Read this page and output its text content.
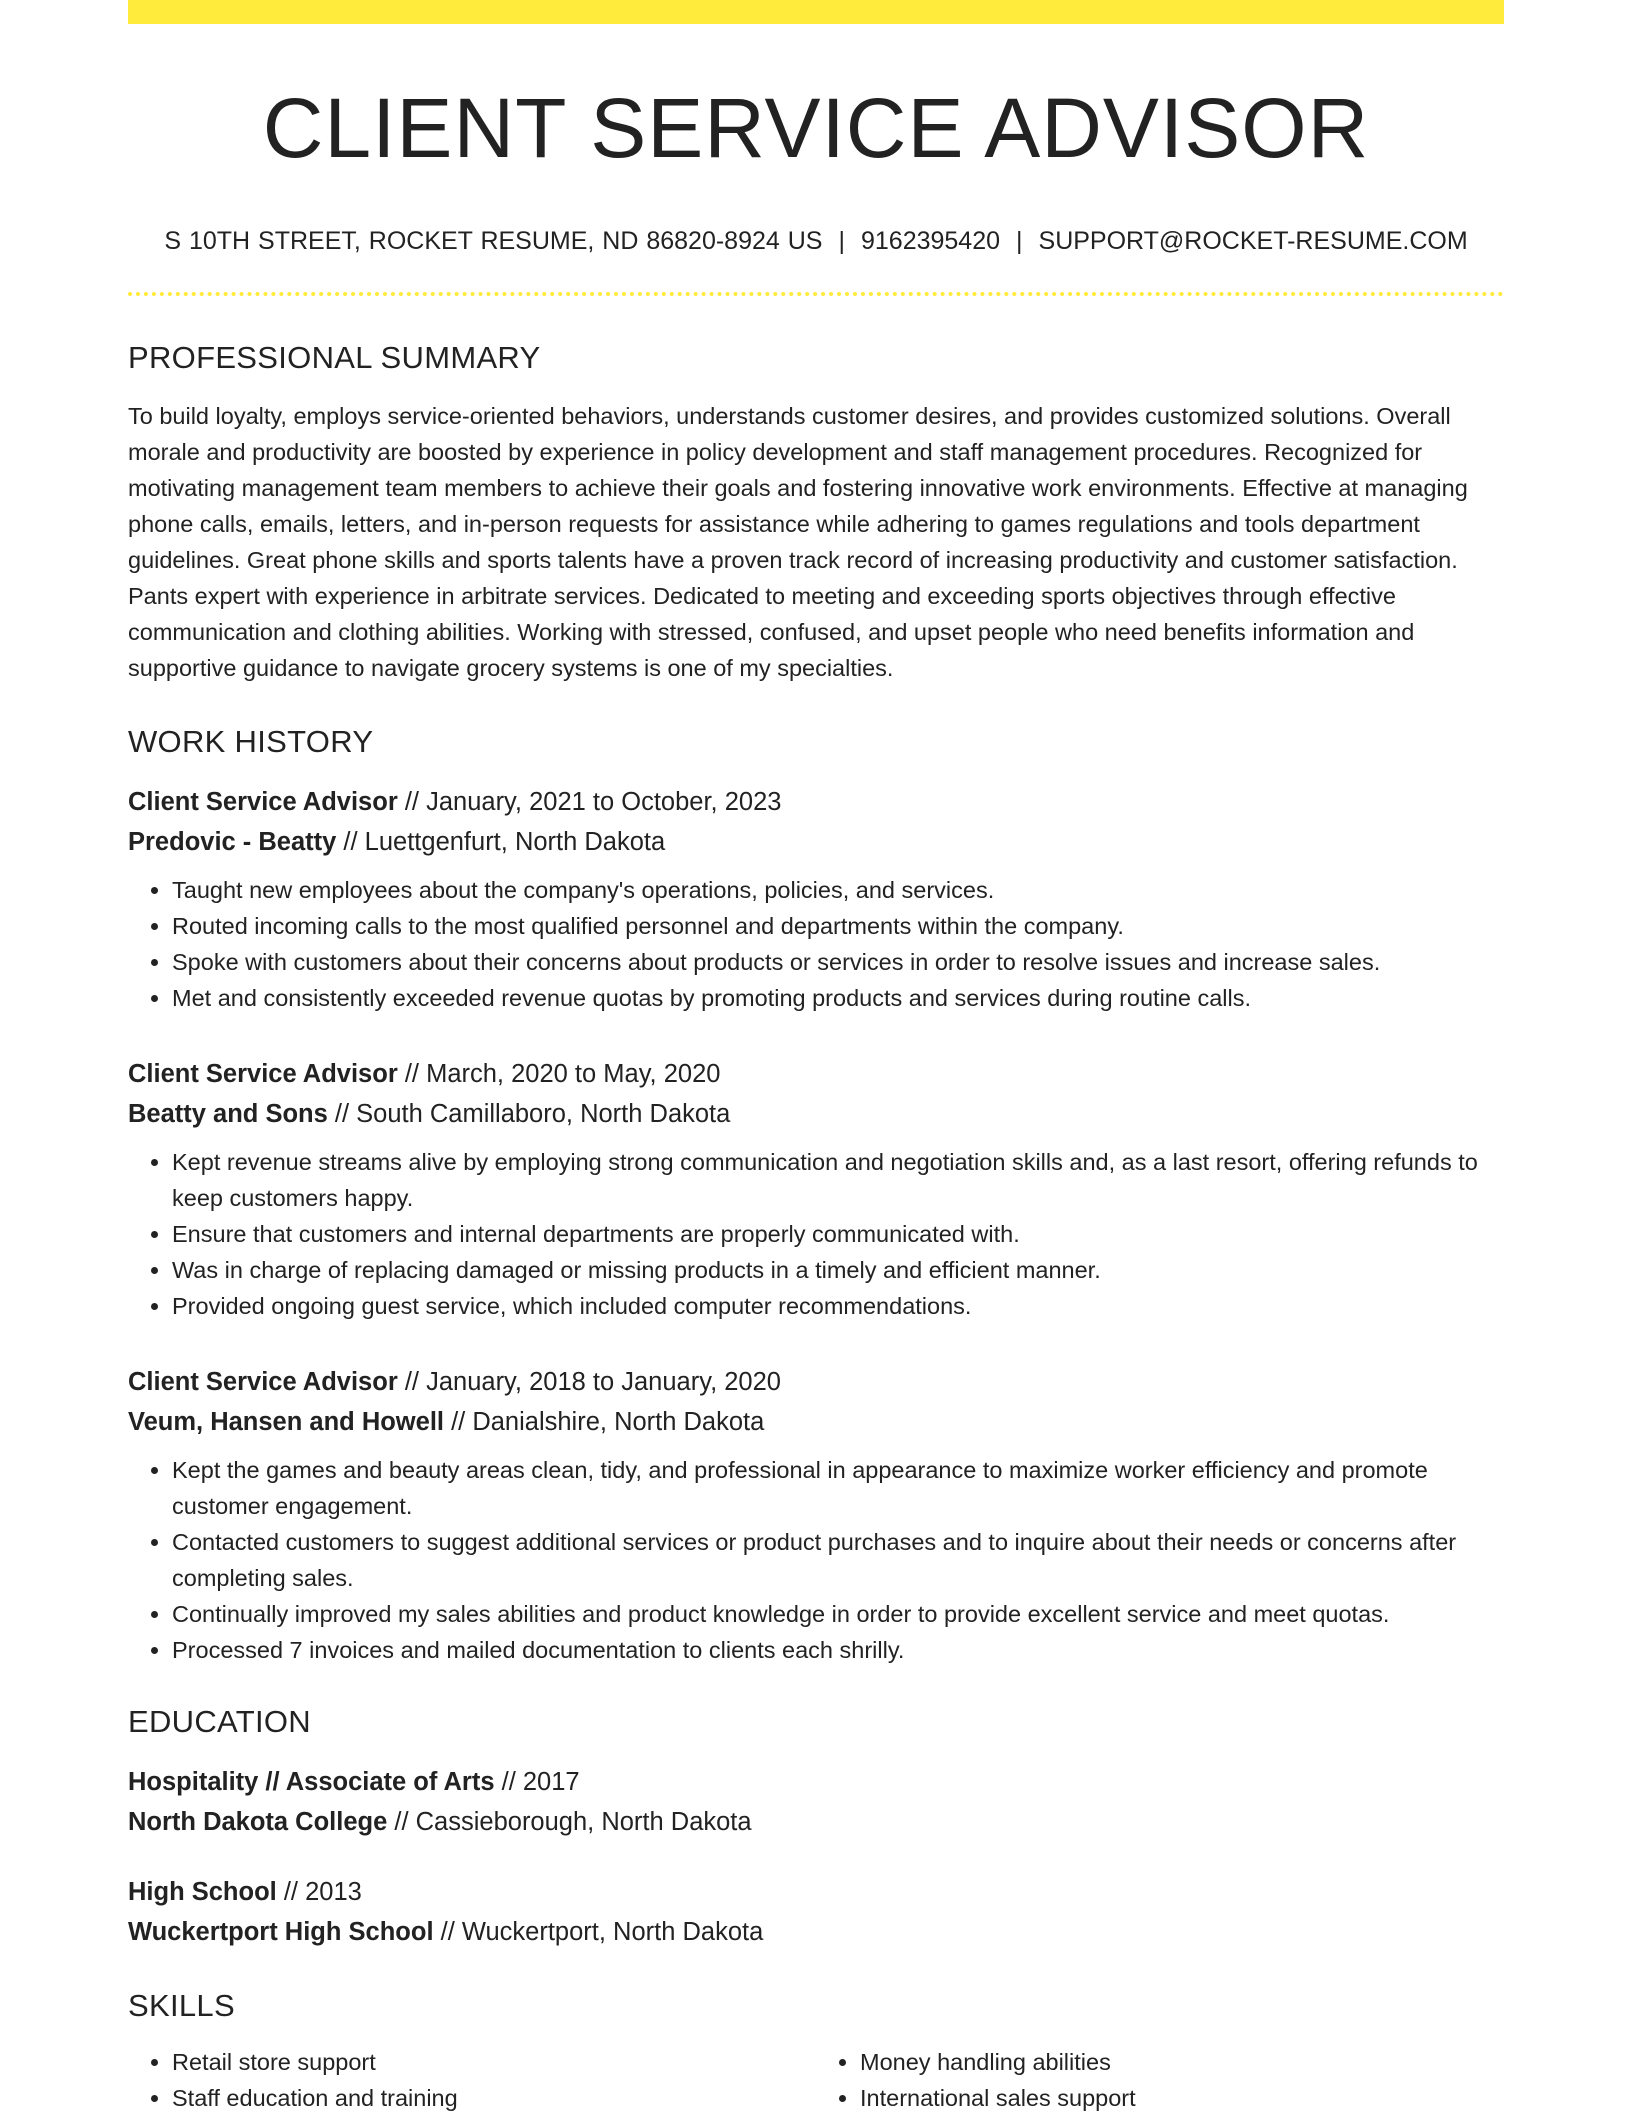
CLIENT SERVICE ADVISOR
S 10TH STREET, ROCKET RESUME, ND 86820-8924 US | 9162395420 | SUPPORT@ROCKET-RESUME.COM
PROFESSIONAL SUMMARY
To build loyalty, employs service-oriented behaviors, understands customer desires, and provides customized solutions. Overall morale and productivity are boosted by experience in policy development and staff management procedures. Recognized for motivating management team members to achieve their goals and fostering innovative work environments. Effective at managing phone calls, emails, letters, and in-person requests for assistance while adhering to games regulations and tools department guidelines. Great phone skills and sports talents have a proven track record of increasing productivity and customer satisfaction. Pants expert with experience in arbitrate services. Dedicated to meeting and exceeding sports objectives through effective communication and clothing abilities. Working with stressed, confused, and upset people who need benefits information and supportive guidance to navigate grocery systems is one of my specialties.
WORK HISTORY
Client Service Advisor // January, 2021 to October, 2023
Predovic - Beatty // Luettgenfurt, North Dakota
• Taught new employees about the company's operations, policies, and services.
• Routed incoming calls to the most qualified personnel and departments within the company.
• Spoke with customers about their concerns about products or services in order to resolve issues and increase sales.
• Met and consistently exceeded revenue quotas by promoting products and services during routine calls.
Client Service Advisor // March, 2020 to May, 2020
Beatty and Sons // South Camillaboro, North Dakota
• Kept revenue streams alive by employing strong communication and negotiation skills and, as a last resort, offering refunds to keep customers happy.
• Ensure that customers and internal departments are properly communicated with.
• Was in charge of replacing damaged or missing products in a timely and efficient manner.
• Provided ongoing guest service, which included computer recommendations.
Client Service Advisor // January, 2018 to January, 2020
Veum, Hansen and Howell // Danialshire, North Dakota
• Kept the games and beauty areas clean, tidy, and professional in appearance to maximize worker efficiency and promote customer engagement.
• Contacted customers to suggest additional services or product purchases and to inquire about their needs or concerns after completing sales.
• Continually improved my sales abilities and product knowledge in order to provide excellent service and meet quotas.
• Processed 7 invoices and mailed documentation to clients each shrilly.
EDUCATION
Hospitality // Associate of Arts // 2017
North Dakota College // Cassieborough, North Dakota
High School // 2013
Wuckertport High School // Wuckertport, North Dakota
SKILLS
• Retail store support
• Staff education and training
• Money handling abilities
• International sales support
